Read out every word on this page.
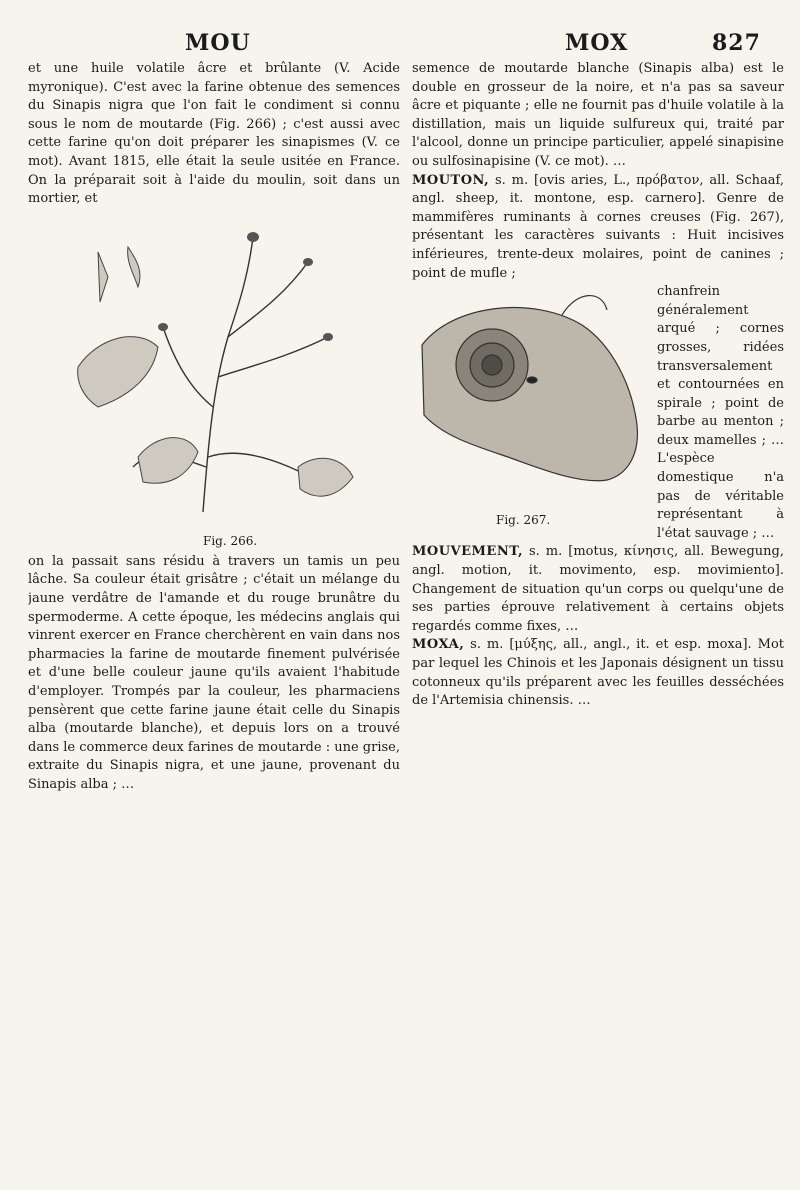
MOU	MOX	827

et une huile volatile âcre et brûlante (V. Acide myronique). C'est avec la farine obtenue des semences du Sinapis nigra que l'on fait le condiment si connu sous le nom de moutarde (Fig. 266) ; c'est aussi avec cette farine qu'on doit préparer les sinapismes (V. ce mot). Avant 1815, elle était la seule usitée en France. On la préparait soit à l'aide du moulin, soit dans un mortier, et

Fig. 266.

on la passait sans résidu à travers un tamis un peu lâche. Sa couleur était grisâtre ; c'était un mélange du jaune verdâtre de l'amande et du rouge brunâtre du spermoderme. A cette époque, les médecins anglais qui vinrent exercer en France cherchèrent en vain dans nos pharmacies la farine de moutarde finement pulvérisée et d'une belle couleur jaune qu'ils avaient l'habitude d'employer. Trompés par la couleur, les pharmaciens pensèrent que cette farine jaune était celle du Sinapis alba (moutarde blanche), et depuis lors on a trouvé dans le commerce deux farines de moutarde : une grise, extraite du Sinapis nigra, et une jaune, provenant du Sinapis alba ; …

semence de moutarde blanche (Sinapis alba) est le double en grosseur de la noire, et n'a pas sa saveur âcre et piquante ; elle ne fournit pas d'huile volatile à la distillation, mais un liquide sulfureux qui, traité par l'alcool, donne un principe particulier, appelé sinapisine ou sulfosinapisine (V. ce mot). …

MOUTON, s. m. [ovis aries, L., πρόβατον, all. Schaaf, angl. sheep, it. montone, esp. carnero]. Genre de mammifères ruminants à cornes creuses (Fig. 267), présentant les caractères suivants : Huit incisives inférieures, trente-deux molaires, point de canines ; point de mufle ;

Fig. 267.

chanfrein généralement arqué ; cornes grosses, ridées transversalement et contournées en spirale ; point de barbe au menton ; deux mamelles ; … L'espèce domestique n'a pas de véritable représentant à l'état sauvage ; …

MOUVEMENT, s. m. [motus, κίνησις, all. Bewegung, angl. motion, it. movimento, esp. movimiento]. Changement de situation qu'un corps ou quelqu'une de ses parties éprouve relativement à certains objets regardés comme fixes, …

MOXA, s. m. [μύξης, all., angl., it. et esp. moxa]. Mot par lequel les Chinois et les Japonais désignent un tissu cotonneux qu'ils préparent avec les feuilles desséchées de l'Artemisia chinensis. …
